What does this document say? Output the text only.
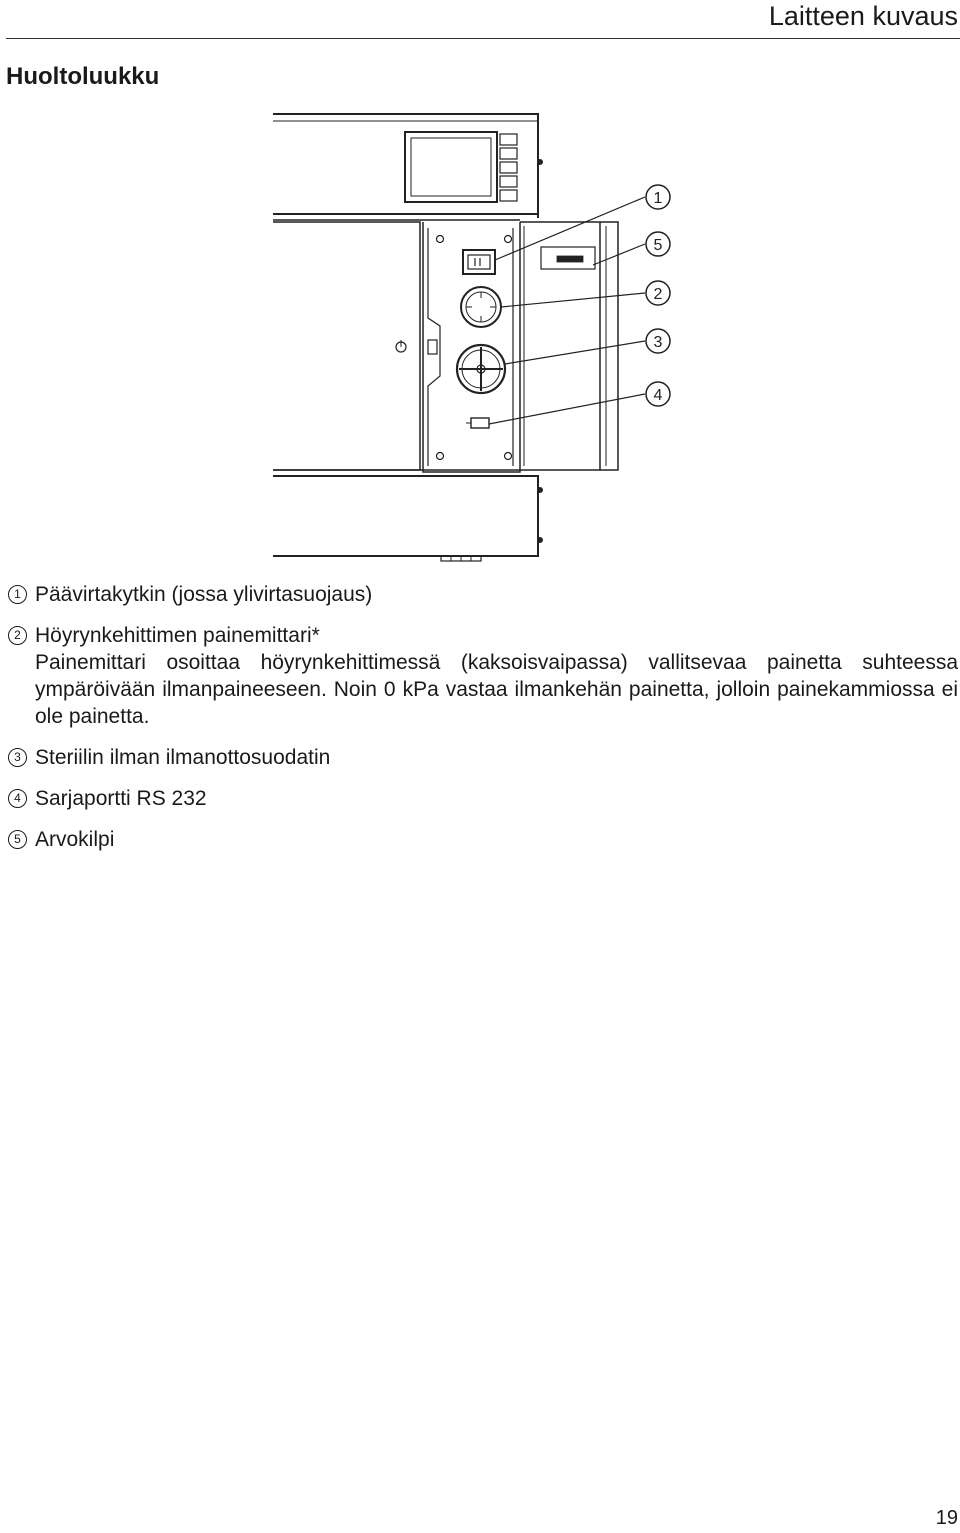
Laitteen kuvaus
Huoltoluukku
1
5
2
3
4
1 Päävirtakytkin (jossa ylivirtasuojaus)
2 Höyrynkehittimen painemittari*
Painemittari osoittaa höyrynkehittimessä (kaksoisvaipassa) vallitsevaa painetta suhteessa ympäröivään ilmanpaineeseen. Noin 0 kPa vastaa ilmankehän painetta, jolloin painekammiossa ei ole painetta.
3 Steriilin ilman ilmanottosuodatin
4 Sarjaportti RS 232
5 Arvokilpi
19
